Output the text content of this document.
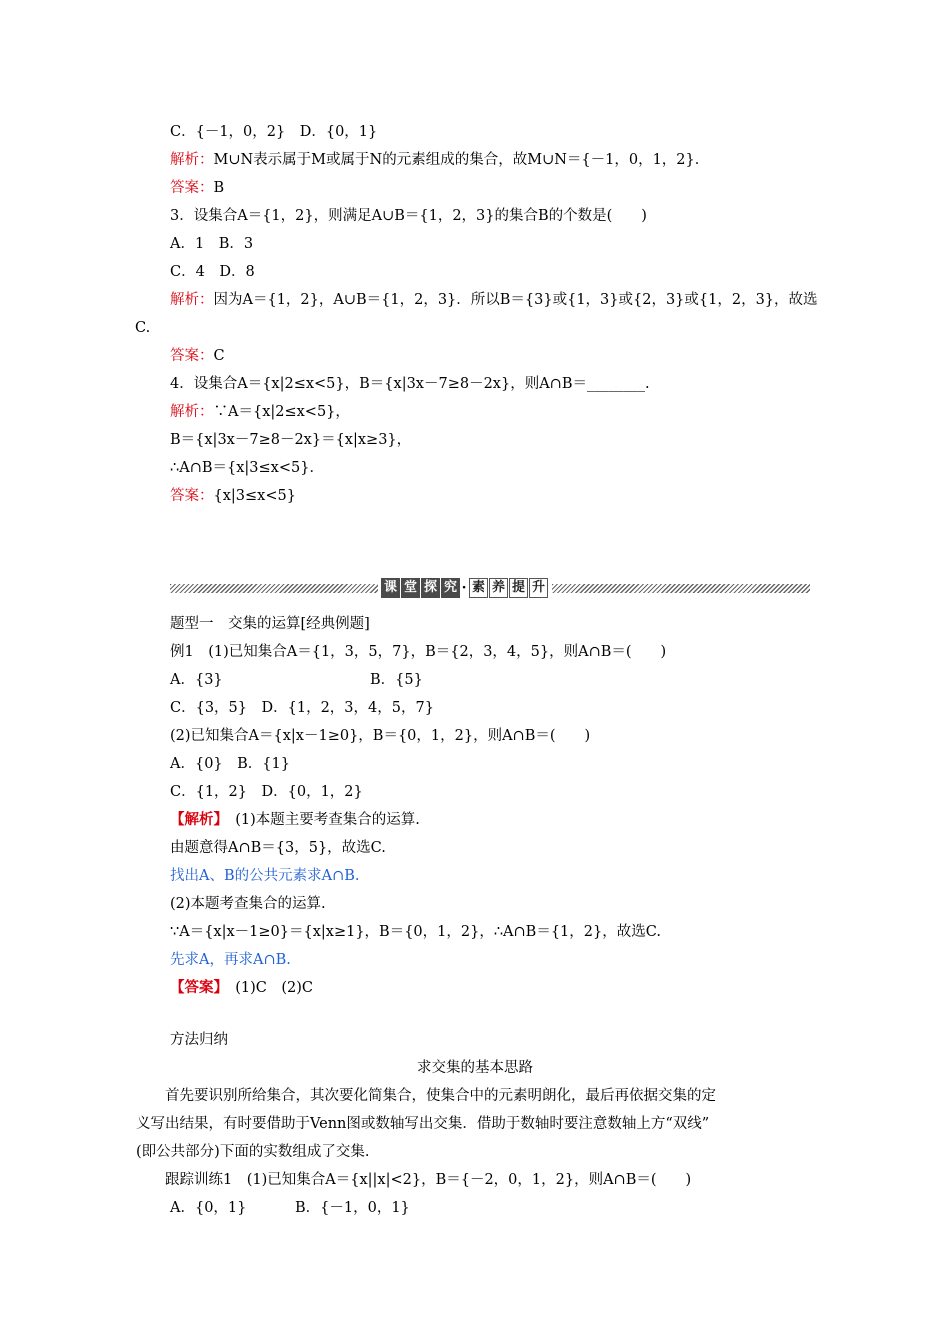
C．{－1，0，2}　D．{0，1}
解析：M∪N表示属于M或属于N的元素组成的集合，故M∪N＝{－1，0，1，2}．
答案：B
3．设集合A＝{1，2}，则满足A∪B＝{1，2，3}的集合B的个数是(　　)
A．1　B．3
C．4　D．8
解析：因为A＝{1，2}，A∪B＝{1，2，3}．所以B＝{3}或{1，3}或{2，3}或{1，2，3}，故选
C.
答案：C
4．设集合A＝{x|2≤x<5}，B＝{x|3x－7≥8－2x}，则A∩B＝________.
解析：∵A＝{x|2≤x<5}，
B＝{x|3x－7≥8－2x}＝{x|x≥3}，
∴A∩B＝{x|3≤x<5}．
答案：{x|3≤x<5}
课 堂 探 究 · 素 养 提 升
题型一　交集的运算[经典例题]
例1　(1)已知集合A＝{1，3，5，7}，B＝{2，3，4，5}，则A∩B＝(　　)
A．{3}	B．{5}
C．{3，5}　D．{1，2，3，4，5，7}
(2)已知集合A＝{x|x－1≥0}，B＝{0，1，2}，则A∩B＝(　　)
A．{0}　B．{1}
C．{1，2}　D．{0，1，2}
【解析】　(1)本题主要考查集合的运算.
由题意得A∩B＝{3，5}，故选C.
找出A、B的公共元素求A∩B.
(2)本题考查集合的运算.
∵A＝{x|x－1≥0}＝{x|x≥1}，B＝{0，1，2}，∴A∩B＝{1，2}，故选C.
先求A，再求A∩B.
【答案】　(1)C　(2)C
方法归纳
求交集的基本思路
　　首先要识别所给集合，其次要化简集合，使集合中的元素明朗化，最后再依据交集的定
义写出结果，有时要借助于Venn图或数轴写出交集．借助于数轴时要注意数轴上方“双线”
(即公共部分)下面的实数组成了交集.
　　跟踪训练1　(1)已知集合A＝{x||x|<2}，B＝{－2，0，1，2}，则A∩B＝(　　)
A．{0，1}	B．{－1，0，1}
